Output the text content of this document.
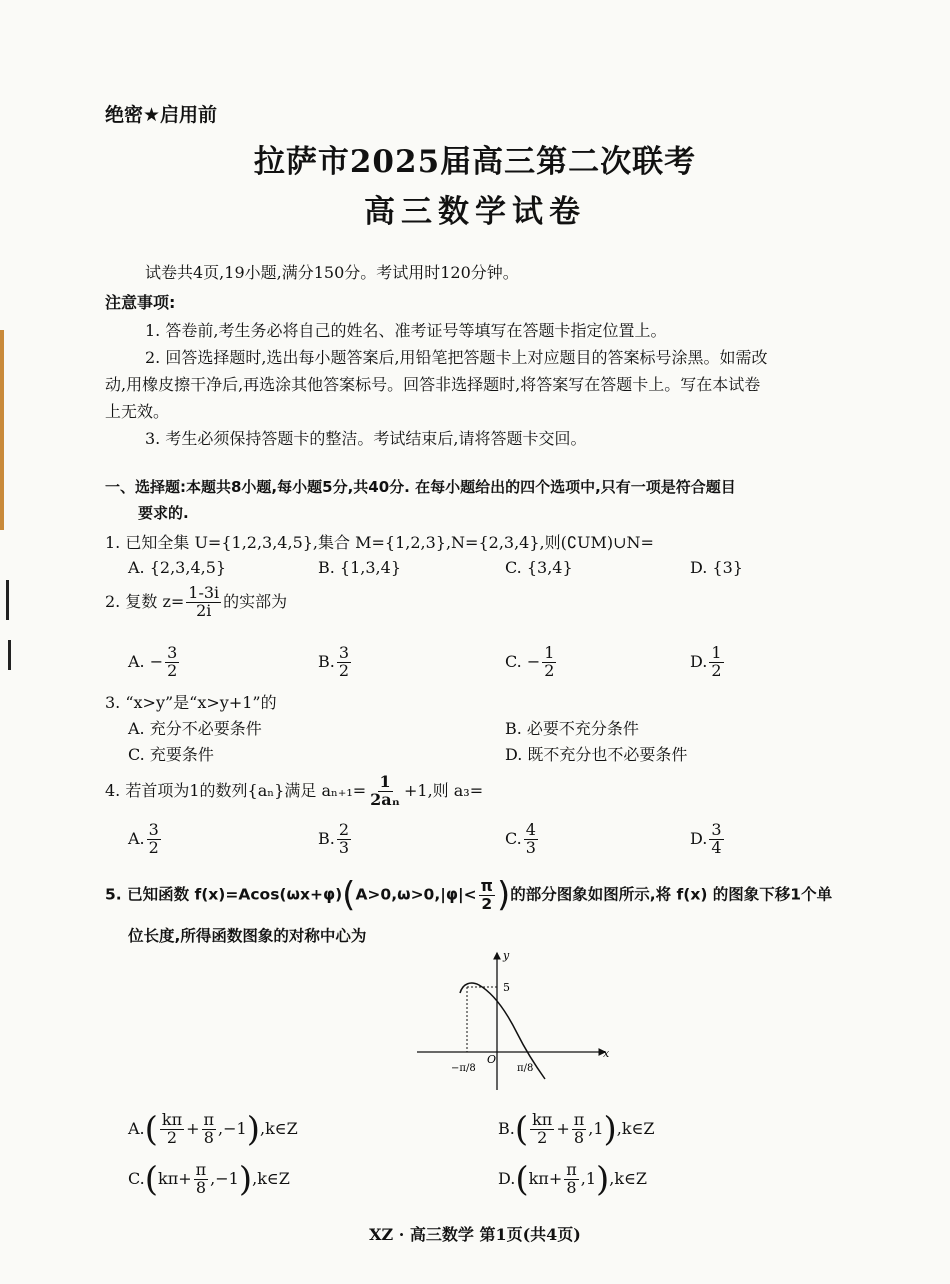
绝密★启用前
拉萨市2025届高三第二次联考
高三数学试卷
试卷共4页,19小题,满分150分。考试用时120分钟。
注意事项:
1. 答卷前,考生务必将自己的姓名、准考证号等填写在答题卡指定位置上。
2. 回答选择题时,选出每小题答案后,用铅笔把答题卡上对应题目的答案标号涂黑。如需改
动,用橡皮擦干净后,再选涂其他答案标号。回答非选择题时,将答案写在答题卡上。写在本试卷
上无效。
3. 考生必须保持答题卡的整洁。考试结束后,请将答题卡交回。
一、选择题:本题共8小题,每小题5分,共40分. 在每小题给出的四个选项中,只有一项是符合题目
要求的.
1. 已知全集 U={1,2,3,4,5},集合 M={1,2,3},N={2,3,4},则(∁UM)∪N=
A. {2,3,4,5}	B. {1,3,4}	C. {3,4}	D. {3}
2. 复数 $z= \frac{1-3i}{2i}$ 的实部为
A. − $\frac{3}{2}$	B. $\frac{3}{2}$	C. − $\frac{1}{2}$	D. $\frac{1}{2}$
3. “x>y”是“x>y+1”的
A. 充分不必要条件	B. 必要不充分条件
C. 充要条件	D. 既不充分也不必要条件
4. 若首项为1的数列{aₙ}满足 $a_{n+1}= \frac{1}{\text{2aₙ}} +1$,则 a₃=
A. $\frac{3}{2}$	B. $\frac{2}{3}$	C. $\frac{4}{3}$	D. $\frac{3}{4}$
5. 已知函数 $f(x)=Acos(\omega x+\varphi)(A>0,\omega>0,|\varphi|< \frac{\pi}{2}$ )的部分图象如图所示,将 f(x) 的图象下移1个单
位长度,所得函数图象的对称中心为
y
x
O
5
−π/8	π/8
$A.( \frac{k\pi}{2} + \frac{\pi}{8}$ ,−1),k∈Z	$B.( \frac{k\pi}{2} + \frac{\pi}{8}$ ,1),k∈Z
$C.(k\pi+ \frac{\pi}{8}$ ,−1),k∈Z	$D.(k\pi+ \frac{\pi}{8}$ ,1),k∈Z
XZ · 高三数学 第1页(共4页)
